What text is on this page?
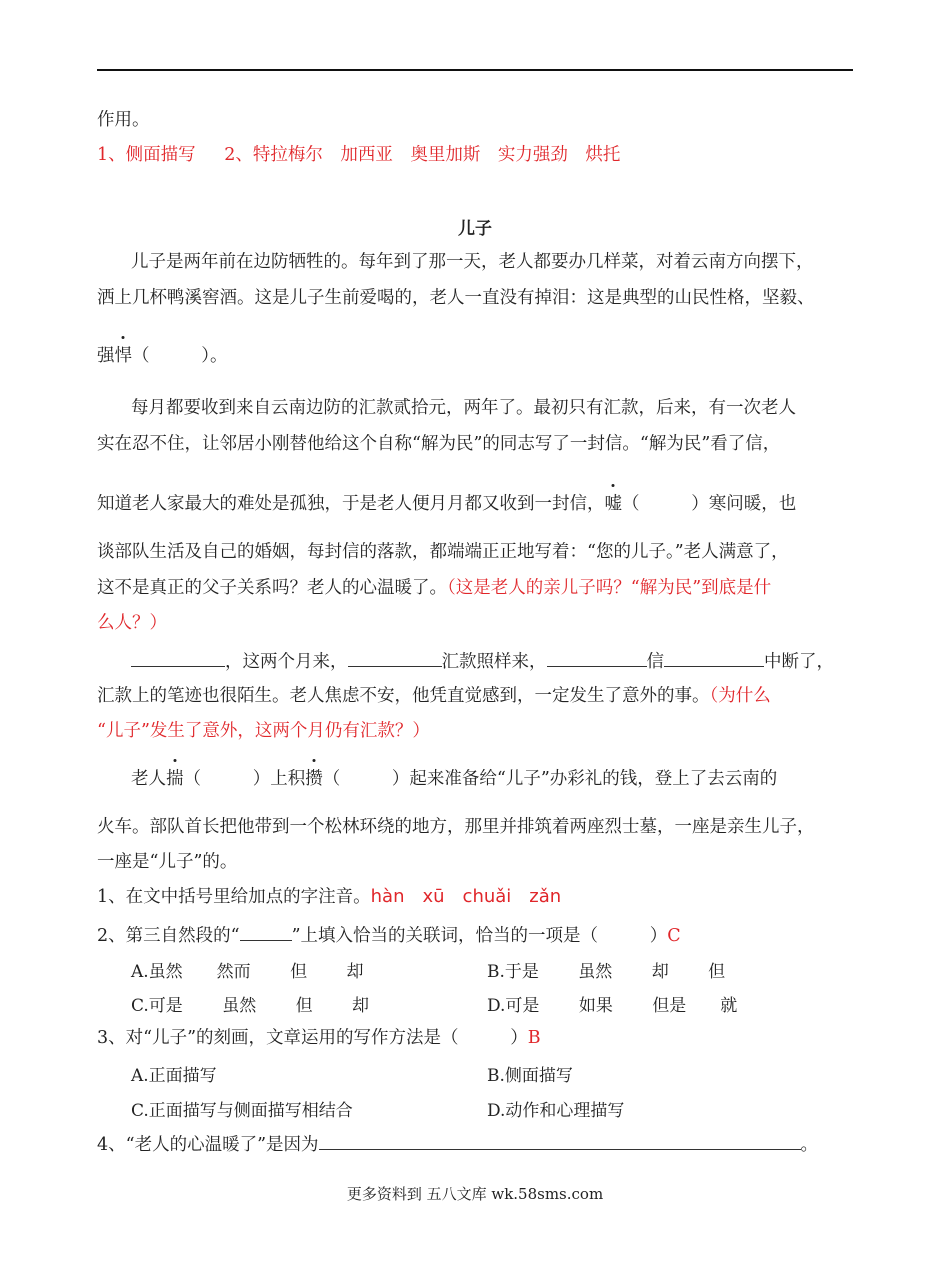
作用。
1、侧面描写 　 2、特拉梅尔　加西亚　奥里加斯　实力强劲　烘托
儿子
儿子是两年前在边防牺牲的。每年到了那一天，老人都要办几样菜，对着云南方向摆下，
洒上几杯鸭溪窖酒。这是儿子生前爱喝的，老人一直没有掉泪：这是典型的山民性格，坚毅、
强悍（ 　 　 ）。
每月都要收到来自云南边防的汇款贰拾元，两年了。最初只有汇款，后来，有一次老人
实在忍不住，让邻居小刚替他给这个自称“解为民”的同志写了一封信。“解为民”看了信，
知道老人家最大的难处是孤独，于是老人便月月都又收到一封信，嘘（ 　 　 ）寒问暖，也
谈部队生活及自己的婚姻，每封信的落款，都端端正正地写着：“您的儿子。”老人满意了，
这不是真正的父子关系吗？老人的心温暖了。（这是老人的亲儿子吗？“解为民”到底是什
么人？）
，这两个月来，	汇款照样来，	信	中断了，
汇款上的笔迹也很陌生。老人焦虑不安，他凭直觉感到，一定发生了意外的事。（为什么
“儿子”发生了意外，这两个月仍有汇款？）
老人揣（ 　 　 ）上积攒（ 　 　 ）起来准备给“儿子”办彩礼的钱，登上了去云南的
火车。部队首长把他带到一个松林环绕的地方，那里并排筑着两座烈士墓，一座是亲生儿子，
一座是“儿子”的。
1、在文中括号里给加点的字注音。hàn　xū　chuǎi　zǎn
2、第三自然段的“	”上填入恰当的关联词，恰当的一项是（ 　 　 ）C
A.虽然　　然而　　 但　　 却	B.于是　　 虽然　　 却　　 但
C.可是　　 虽然　　 但　　 却	D.可是　　 如果　　 但是　　就
3、对“儿子”的刻画，文章运用的写作方法是（ 　 　 ）B
A.正面描写	B.侧面描写
C.正面描写与侧面描写相结合	D.动作和心理描写
4、“老人的心温暖了”是因为	。
更多资料到 五八文库 wk.58sms.com
